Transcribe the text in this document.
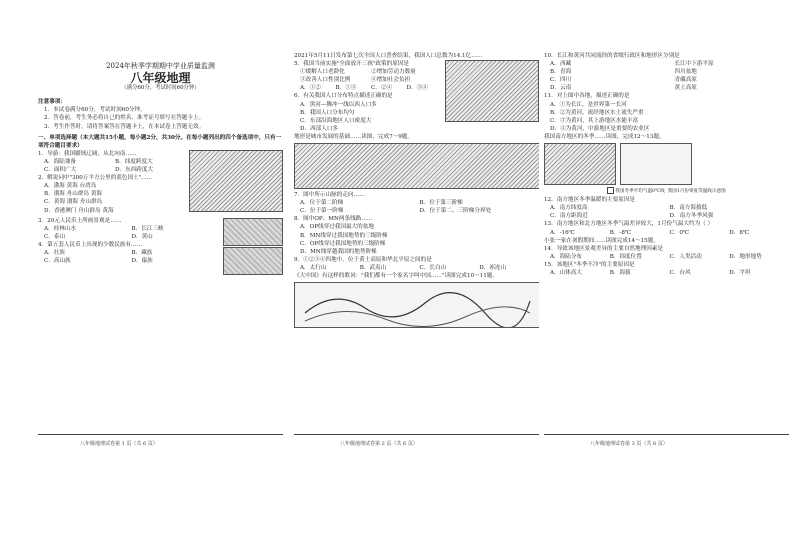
2024年秋季学期期中学业质量监测
八年级地理
（满分60分，考试时间60分钟）

注意事项：

1．本试卷满分60分，考试时间60分钟。

2．答卷前，考生务必将自己的姓名、准考证号填写在答题卡上。

3．考生作答时，请将答案答在答题卡上，在本试卷上答题无效。

一、单项选择题（本大题共15小题，每小题2分，共30分。在每小题列出的四个备选项中，只有一项符合题目要求）

1．导游：我国疆域辽阔，从北向南……

A．海陆兼备	B．纬度跨度大
C．面积广大	D．东西跨度大

2．解说词中"300万平方公里的蓝色国土"……

A．渤海 黄海 台湾岛

B．渤海 舟山群岛 黄海

C．黄海 渤海 舟山群岛

D．香港澳门 舟山群岛 黄海

3．20元人民币上所画景观是……

A．桂林山水	B．长江三峡
C．泰山	D．黄山

4．第五套人民币上出现的少数民族有……

A．壮族	B．藏族
C．高山族	D．傣族

2021年5月11日发布第七次全国人口普查结果，我国人口总数为14.1亿……

5．我国当前实施"全面放开三孩"政策的原因是

①缓解人口老龄化	②增加劳动力数量
③改善人口性别比例	④增加社会负担
A．①②	B．①③	C．②④	D．③④

6．有关我国人口分布特点描述正确的是

A．黑河—腾冲一线以西人口多

B．我国人口分布均匀

C．东部沿海地区人口密度大

D．西部人口多

地形是城市发展的基础……读图，完成7～9题。

7．图中所示山脉的走向……

A．位于第二阶梯	B．位于第三阶梯
C．位于第一阶梯	D．位于第二、三阶梯分界处

8．图中OP、MN两条线路……

A．OP线穿过我国最大的盆地

B．MN线穿过我国地势的三级阶梯

C．OP线穿过我国地势的三级阶梯

D．MN线穿越我国的地势阶梯

9．①②③④四地中，位于黄土高原和华北平原之间的是

A．太行山	B．武夷山	C．长白山	D．祁连山

《大中国》有这样的歌词："我们都有一个家名字叫中国……"读图完成10～11题。

10．长江和黄河共同流经的省级行政区和地形区分别是

A． 西藏	长江中下游平原
B． 青海	四川盆地
C． 四川	青藏高原
D． 云南	黄土高原

11．对上图中各地，描述正确的是

A．①为长江，是世界第一长河

B．②为黄河，流经地区水土流失严重

C．③为黄河，其上游地区水能丰富

D．④为黄河，中游地区是重要的农业区

我国南方地区的冬季……读图，完成12～13题。

我国冬季平均气温0℃线 我国1月份零度等温线示意图

12．南方地区冬季温暖的主要原因是

A．南方纬度高	B．南方海拔低
C．南方距海近	D．南方冬季风强

13．南方地区和北方地区冬季气温差异较大，1月份气温大约为（ ）

A．-16℃	B．-8℃	C．0℃	D．8℃

小张一家在暑假期间……读图完成14～15题。

14．导致该地区景观差异的主要自然地理因素是

A．海陆分布	B．纬度位置	C．人类活动	D．地形地势

15．该地区"冬季不冷"的主要原因是

A．山体高大	B．海拔	C．台风	D．平坦
八年级地理试卷第 1 页（共 6 页）	八年级地理试卷第 2 页（共 6 页）	八年级地理试卷第 3 页（共 6 页）
